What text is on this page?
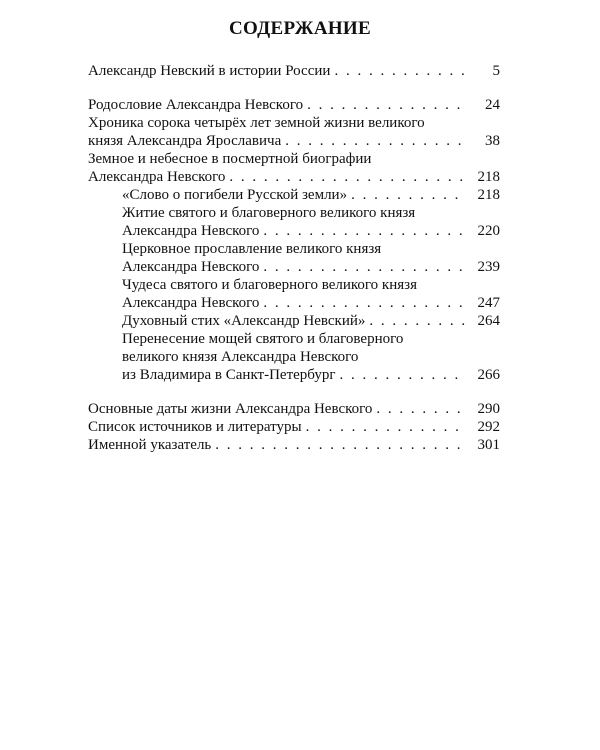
СОДЕРЖАНИЕ
Александр Невский в истории России . . .	5
Родословие Александра Невского . . .	24
Хроника сорока четырёх лет земной жизни великого
князя Александра Ярославича . . .	38
Земное и небесное в посмертной биографии
Александра Невского . . .	218
«Слово о погибели Русской земли» . . .	218
Житие святого и благоверного великого князя
Александра Невского . . .	220
Церковное прославление великого князя
Александра Невского . . .	239
Чудеса святого и благоверного великого князя
Александра Невского . . .	247
Духовный стих «Александр Невский» . . .	264
Перенесение мощей святого и благоверного
великого князя Александра Невского
из Владимира в Санкт-Петербург . . .	266
Основные даты жизни Александра Невского . . .	290
Список источников и литературы . . .	292
Именной указатель . . .	301
